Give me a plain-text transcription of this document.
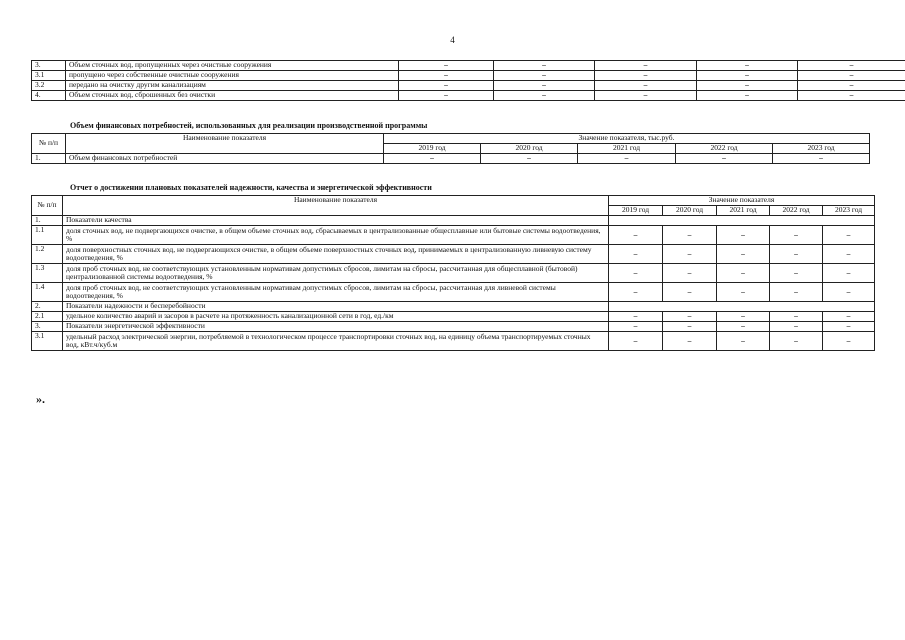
4
3.	Объем сточных вод, пропущенных через очистные сооружения	–	–	–	–	–
3.1	пропущено через собственные очистные сооружения	–	–	–	–	–
3.2	передано на очистку другим канализациям	–	–	–	–	–
4.	Объем сточных вод, сброшенных без очистки	–	–	–	–	–
Объем финансовых потребностей, использованных для реализации производственной программы
№ п/п	Наименование показателя	Значение показателя, тыс.руб.				
		2019 год	2020 год	2021 год	2022 год	2023 год
1.	Объем финансовых потребностей	–	–	–	–	–
Отчет о достижении плановых показателей надежности, качества и энергетической эффективности
№ п/п	Наименование показателя	Значение показателя				
		2019 год	2020 год	2021 год	2022 год	2023 год
1.	Показатели качества					
1.1	доля сточных вод, не подвергающихся очистке, в общем объеме сточных вод, сбрасываемых в централизованные общесплавные или бытовые системы водоотведения, %	–	–	–	–	–
1.2	доля поверхностных сточных вод, не подвергающихся очистке, в общем объеме поверхностных сточных вод, принимаемых в централизованную ливневую систему водоотведения, %	–	–	–	–	–
1.3	доля проб сточных вод, не соответствующих установленным нормативам допустимых сбросов, лимитам на сбросы, рассчитанная для общесплавной (бытовой) централизованной системы водоотведения, %	–	–	–	–	–
1.4	доля проб сточных вод, не соответствующих установленным нормативам допустимых сбросов, лимитам на сбросы, рассчитанная для ливневой системы водоотведения, %	–	–	–	–	–
2.	Показатели надежности и бесперебойности					
2.1	удельное количество аварий и засоров в расчете на протяженность канализационной сети в год, ед./км	–	–	–	–	–
3.	Показатели энергетической эффективности	–	–	–	–	–
3.1	удельный расход электрической энергии, потребляемой в технологическом процессе транспортировки сточных вод, на единицу объема транспортируемых сточных вод, кВт.ч/куб.м	–	–	–	–	–
».
